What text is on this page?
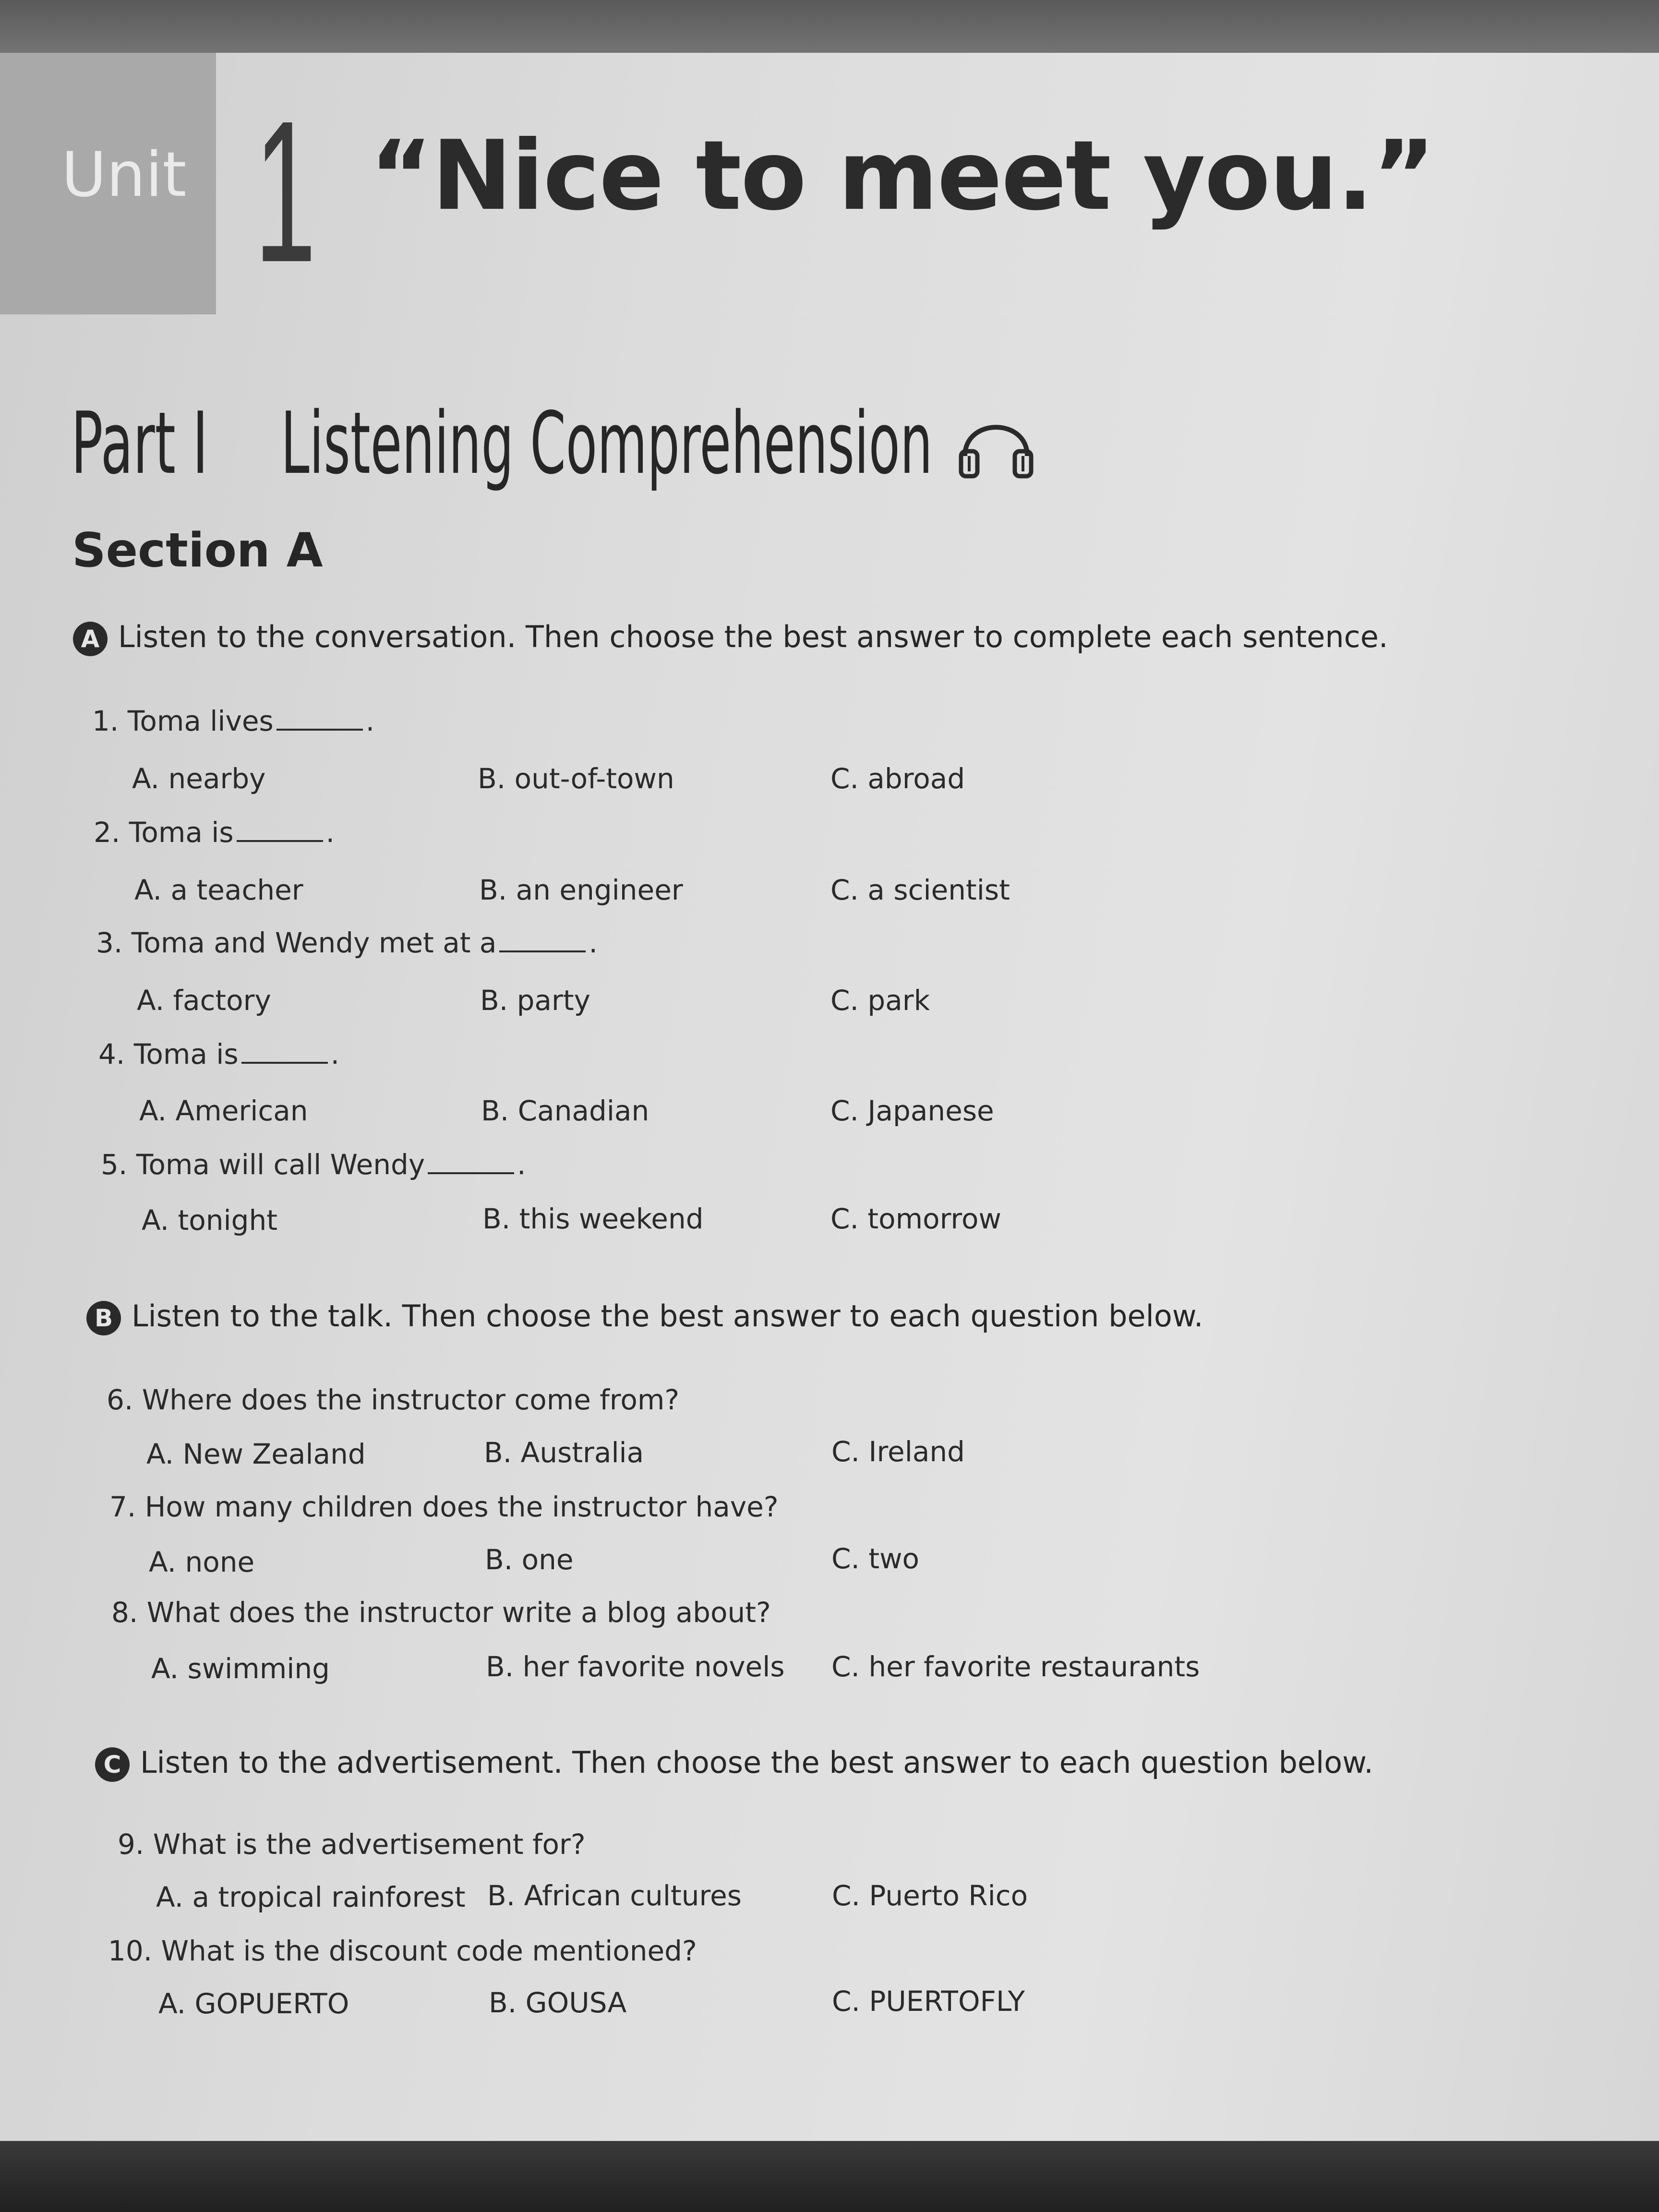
Unit 1 “Nice to meet you.”
Part I Listening Comprehension
Section A
A Listen to the conversation. Then choose the best answer to complete each sentence.
1. Toma lives	.
A. nearby	B. out-of-town	C. abroad
2. Toma is	.
A. a teacher	B. an engineer	C. a scientist
3. Toma and Wendy met at a	.
A. factory	B. party	C. park
4. Toma is	.
A. American	B. Canadian	C. Japanese
5. Toma will call Wendy	.
A. tonight	B. this weekend	C. tomorrow
B Listen to the talk. Then choose the best answer to each question below.
6. Where does the instructor come from?
A. New Zealand	B. Australia	C. Ireland
7. How many children does the instructor have?
A. none	B. one	C. two
8. What does the instructor write a blog about?
A. swimming	B. her favorite novels C. her favorite restaurants
C Listen to the advertisement. Then choose the best answer to each question below.
9. What is the advertisement for?
A. a tropical rainforest B. African cultures	C. Puerto Rico
10. What is the discount code mentioned?
A. GOPUERTO	B. GOUSA	C. PUERTOFLY
